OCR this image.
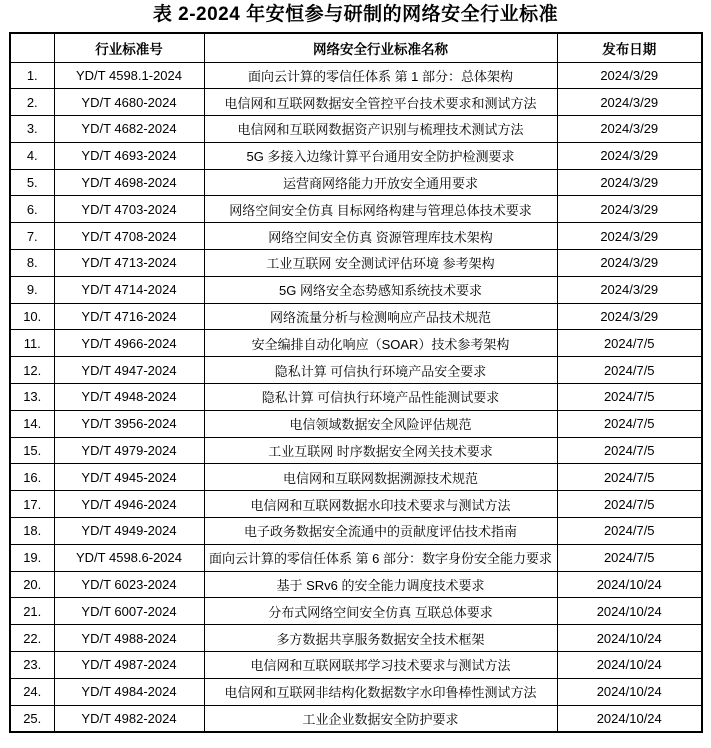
表 2-2024 年安恒参与研制的网络安全行业标准
	行业标准号	网络安全行业标准名称	发布日期
1.	YD/T 4598.1-2024	面向云计算的零信任体系 第 1 部分：总体架构	2024/3/29
2.	YD/T 4680-2024	电信网和互联网数据安全管控平台技术要求和测试方法	2024/3/29
3.	YD/T 4682-2024	电信网和互联网数据资产识别与梳理技术测试方法	2024/3/29
4.	YD/T 4693-2024	5G 多接入边缘计算平台通用安全防护检测要求	2024/3/29
5.	YD/T 4698-2024	运营商网络能力开放安全通用要求	2024/3/29
6.	YD/T 4703-2024	网络空间安全仿真 目标网络构建与管理总体技术要求	2024/3/29
7.	YD/T 4708-2024	网络空间安全仿真 资源管理库技术架构	2024/3/29
8.	YD/T 4713-2024	工业互联网 安全测试评估环境 参考架构	2024/3/29
9.	YD/T 4714-2024	5G 网络安全态势感知系统技术要求	2024/3/29
10.	YD/T 4716-2024	网络流量分析与检测响应产品技术规范	2024/3/29
11.	YD/T 4966-2024	安全编排自动化响应（SOAR）技术参考架构	2024/7/5
12.	YD/T 4947-2024	隐私计算 可信执行环境产品安全要求	2024/7/5
13.	YD/T 4948-2024	隐私计算 可信执行环境产品性能测试要求	2024/7/5
14.	YD/T 3956-2024	电信领域数据安全风险评估规范	2024/7/5
15.	YD/T 4979-2024	工业互联网 时序数据安全网关技术要求	2024/7/5
16.	YD/T 4945-2024	电信网和互联网数据溯源技术规范	2024/7/5
17.	YD/T 4946-2024	电信网和互联网数据水印技术要求与测试方法	2024/7/5
18.	YD/T 4949-2024	电子政务数据安全流通中的贡献度评估技术指南	2024/7/5
19.	YD/T 4598.6-2024	面向云计算的零信任体系 第 6 部分：数字身份安全能力要求	2024/7/5
20.	YD/T 6023-2024	基于 SRv6 的安全能力调度技术要求	2024/10/24
21.	YD/T 6007-2024	分布式网络空间安全仿真 互联总体要求	2024/10/24
22.	YD/T 4988-2024	多方数据共享服务数据安全技术框架	2024/10/24
23.	YD/T 4987-2024	电信网和互联网联邦学习技术要求与测试方法	2024/10/24
24.	YD/T 4984-2024	电信网和互联网非结构化数据数字水印鲁棒性测试方法	2024/10/24
25.	YD/T 4982-2024	工业企业数据安全防护要求	2024/10/24
